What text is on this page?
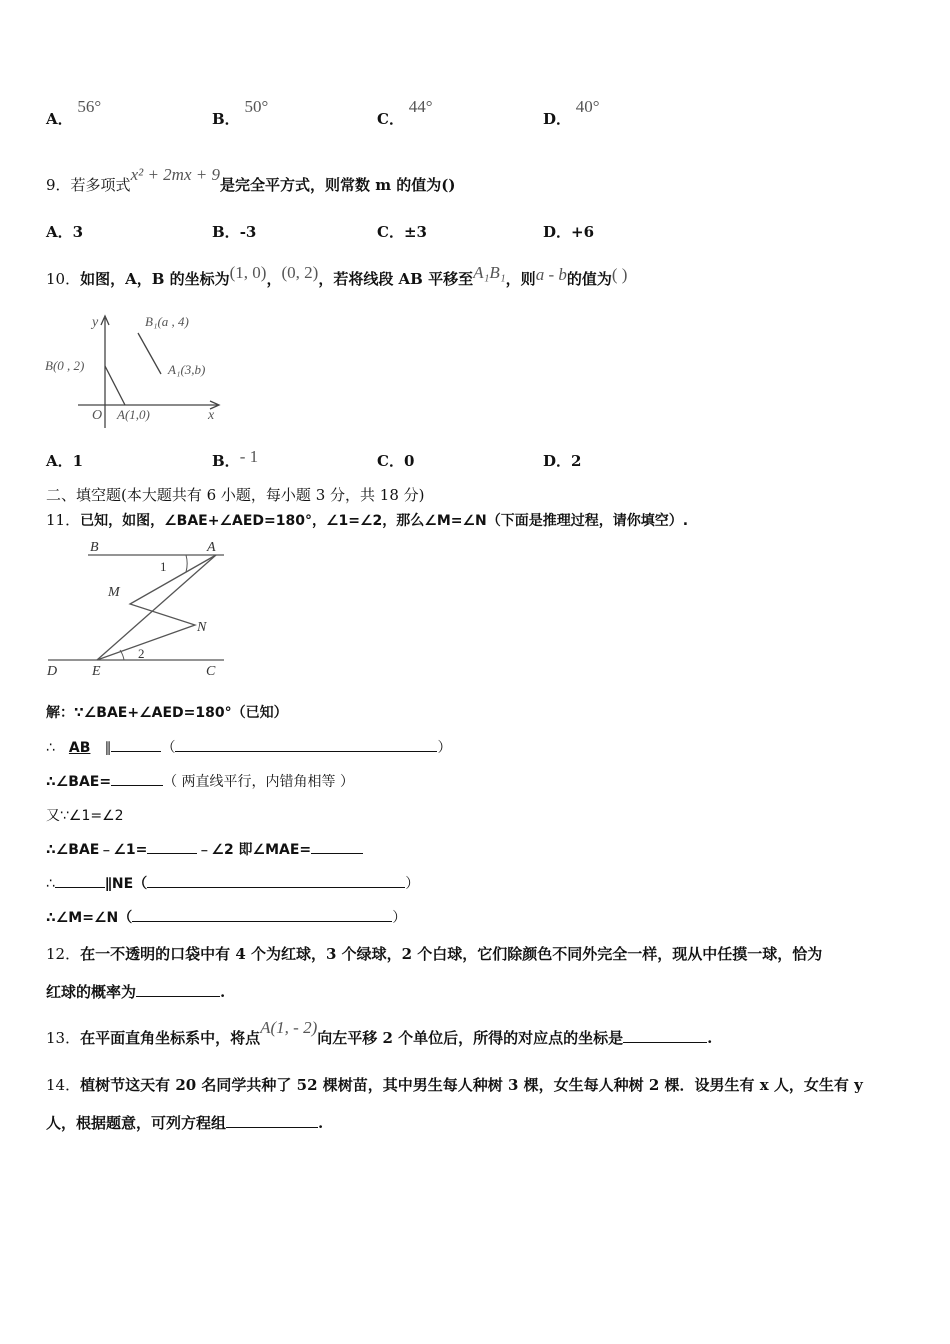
A． 56°
B． 50°
C． 44°
D． 40°
9．若多项式x² + 2mx + 9是完全平方式，则常数 m 的值为()
A．3	B．-3	C．±3	D．+6
10．如图，A，B 的坐标为(1, 0)，(0, 2)，若将线段 AB 平移至A₁B₁，则a - b的值为( )
y
x
O A(1,0)
B(0 , 2)
B₁(a , 4)
A₁(3,b)
A．1	B．- 1	C．0	D．2
二、填空题(本大题共有 6 小题，每小题 3 分，共 18 分)
11．已知，如图，∠BAE+∠AED=180°，∠1=∠2，那么∠M=∠N（下面是推理过程，请你填空）.
B	A
1
M
N
2
D E	C
解：∵∠BAE+∠AED=180°（已知）
∴ AB ∥	（	）
∴∠BAE=	（ 两直线平行，内错角相等 ）
又∵∠1=∠2
∴∠BAE﹣∠1=	﹣∠2 即∠MAE=
∴	∥NE（	）
∴∠M=∠N（	）
12．在一不透明的口袋中有 4 个为红球，3 个绿球，2 个白球，它们除颜色不同外完全一样，现从中任摸一球，恰为
红球的概率为	.
13．在平面直角坐标系中，将点A(1, - 2)向左平移 2 个单位后，所得的对应点的坐标是	.
14．植树节这天有 20 名同学共种了 52 棵树苗，其中男生每人种树 3 棵，女生每人种树 2 棵．设男生有 x 人，女生有 y
人，根据题意，可列方程组	.
